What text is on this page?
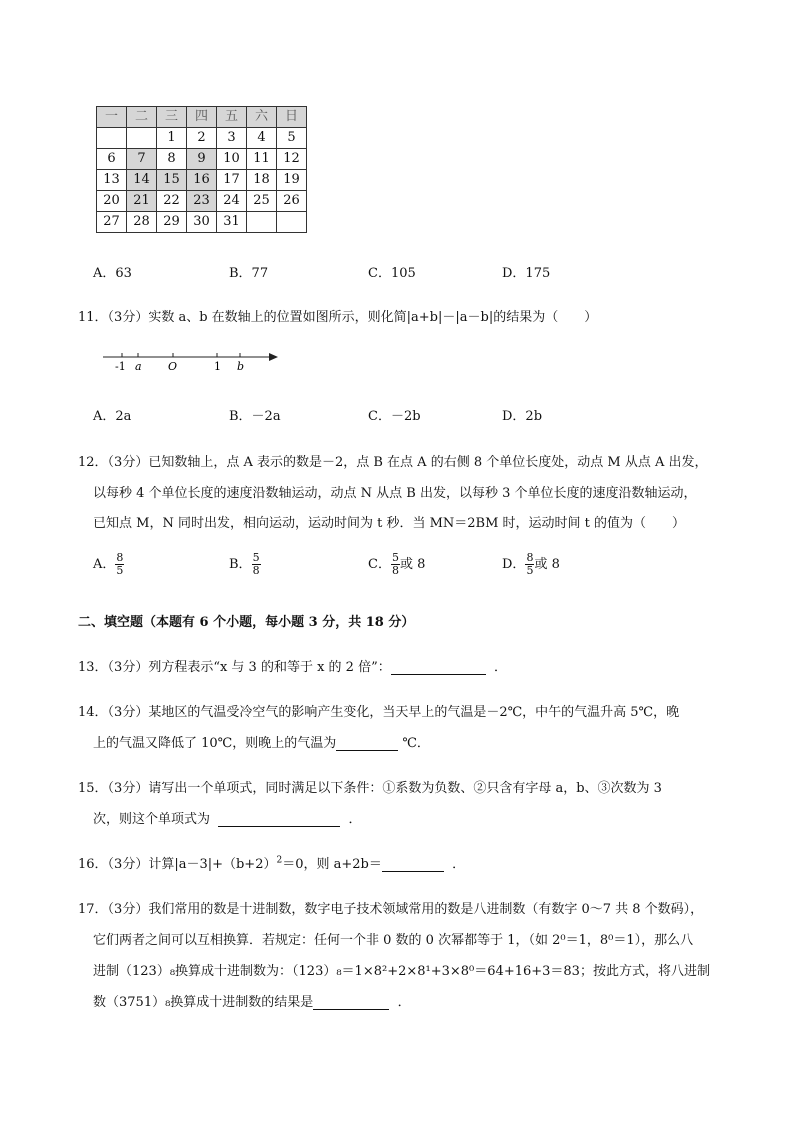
一	二	三	四	五	六	日
		1	2	3	4	5
6	7	8	9	10	11	12
13	14	15	16	17	18	19
20	21	22	23	24	25	26
27	28	29	30	31		
A．63	B．77	C．105	D．175
11．（3分）实数 a、b 在数轴上的位置如图所示，则化简|a+b|－|a－b|的结果为（　　）
-1 a O	1 b
A．2a	B．－2a	C．－2b	D．2b
12．（3分）已知数轴上，点 A 表示的数是－2，点 B 在点 A 的右侧 8 个单位长度处，动点 M 从点 A 出发，
以每秒 4 个单位长度的速度沿数轴运动，动点 N 从点 B 出发，以每秒 3 个单位长度的速度沿数轴运动，
已知点 M，N 同时出发，相向运动，运动时间为 t 秒．当 MN＝2BM 时，运动时间 t 的值为（　　）
A． $\frac{8}{5}$	B． $\frac{5}{8}$	C． $\frac{5}{8}$ 或 8	D． $\frac{8}{5}$ 或 8
二、填空题（本题有 6 个小题，每小题 3 分，共 18 分）
13．（3分）列方程表示“x 与 3 的和等于 x 的 2 倍”：	．
14．（3分）某地区的气温受冷空气的影响产生变化，当天早上的气温是－2℃，中午的气温升高 5℃，晚
上的气温又降低了 10℃，则晚上的气温为	℃．
15．（3分）请写出一个单项式，同时满足以下条件：①系数为负数、②只含有字母 a，b、③次数为 3
次，则这个单项式为	．
16．（3分）计算$|a-3|+(b+2)^2=0$，则 a+2b＝	．
17．（3分）我们常用的数是十进制数，数字电子技术领域常用的数是八进制数（有数字 0～7 共 8 个数码），
它们两者之间可以互相换算．若规定：任何一个非 0 数的 0 次幂都等于 1，（如 2⁰＝1，8⁰＝1），那么八
进制（123）₈换算成十进制数为：（123）₈＝1×8²+2×8¹+3×8⁰＝64+16+3＝83；按此方式，将八进制
数（3751）₈换算成十进制数的结果是	．
